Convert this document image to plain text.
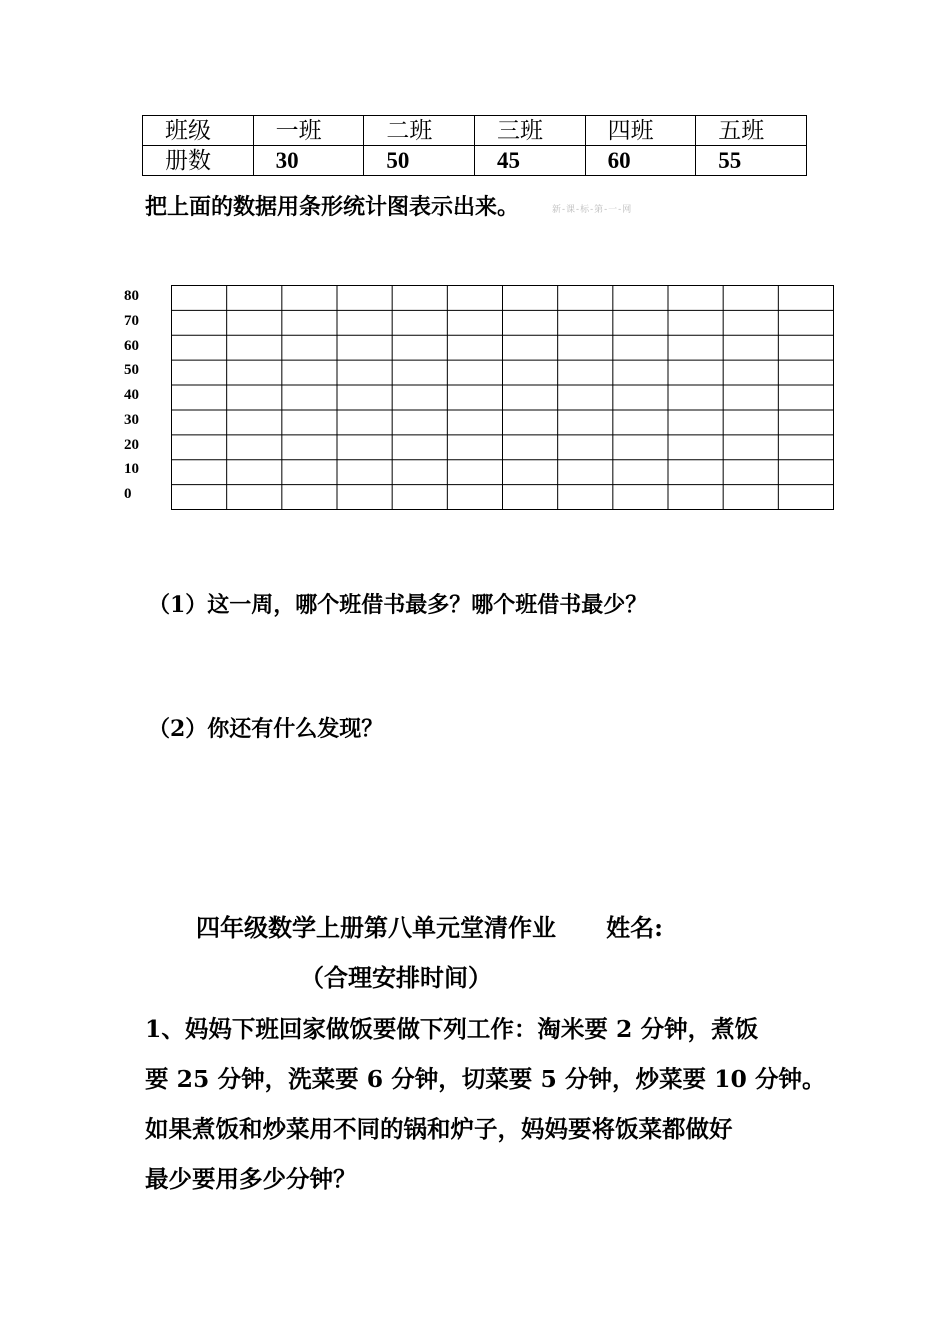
班级	一班	二班	三班	四班	五班
册数	30	50	45	60	55
把上面的数据用条形统计图表示出来。	新-课-标-第-一-网
80
70
60
50
40
30
20
10
0
（1）这一周，哪个班借书最多？哪个班借书最少？
（2）你还有什么发现？
四年级数学上册第八单元堂清作业      姓名:
（合理安排时间）
1、妈妈下班回家做饭要做下列工作：淘米要 2 分钟，煮饭
要 25 分钟，洗菜要 6 分钟，切菜要 5 分钟，炒菜要 10 分钟。
如果煮饭和炒菜用不同的锅和炉子，妈妈要将饭菜都做好
最少要用多少分钟？
